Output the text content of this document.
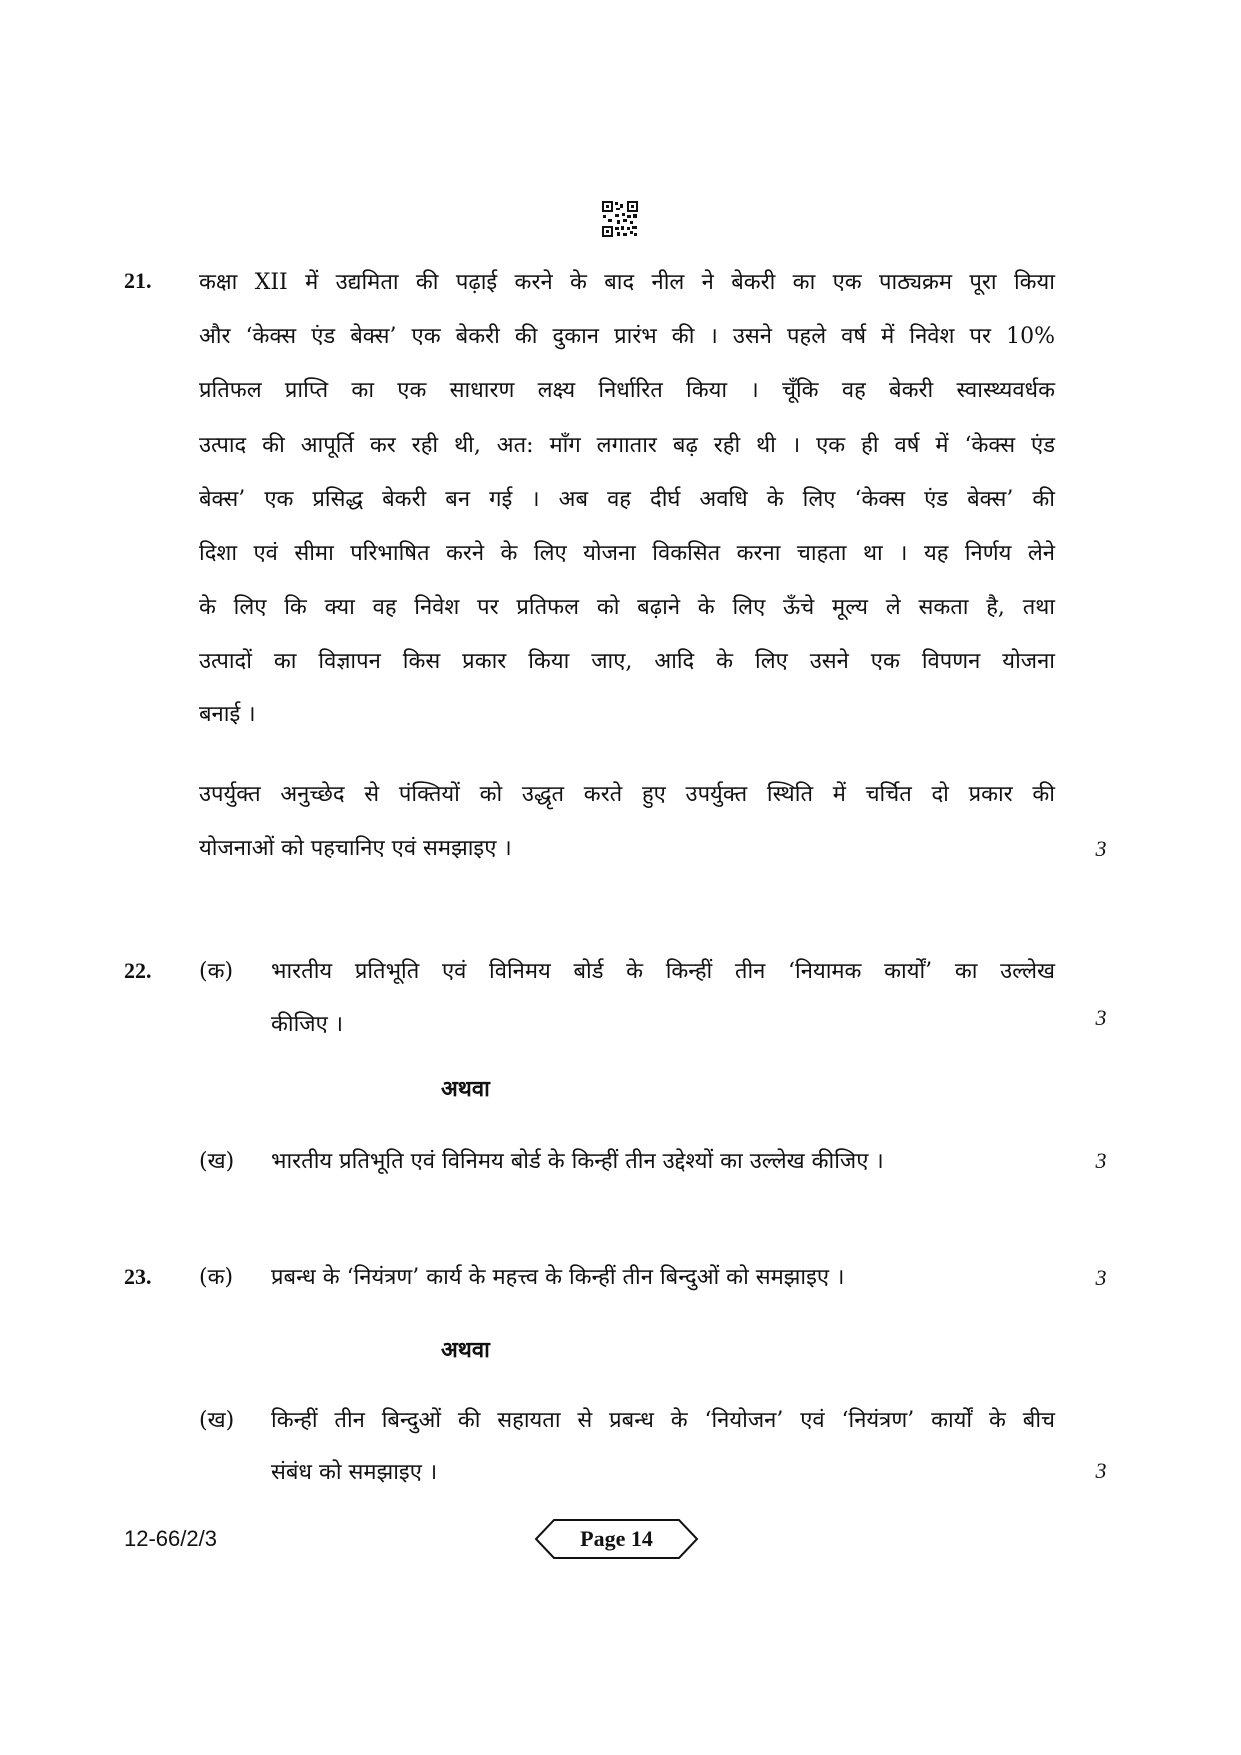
21. कक्षा XII में उद्यमिता की पढ़ाई करने के बाद नील ने बेकरी का एक पाठ्यक्रम पूरा किया
और ‘केक्स एंड बेक्स’ एक बेकरी की दुकान प्रारंभ की । उसने पहले वर्ष में निवेश पर 10%
प्रतिफल प्राप्ति का एक साधारण लक्ष्य निर्धारित किया । चूँकि वह बेकरी स्वास्थ्यवर्धक
उत्पाद की आपूर्ति कर रही थी, अत: माँग लगातार बढ़ रही थी । एक ही वर्ष में ‘केक्स एंड
बेक्स’ एक प्रसिद्ध बेकरी बन गई । अब वह दीर्घ अवधि के लिए ‘केक्स एंड बेक्स’ की
दिशा एवं सीमा परिभाषित करने के लिए योजना विकसित करना चाहता था । यह निर्णय लेने
के लिए कि क्या वह निवेश पर प्रतिफल को बढ़ाने के लिए ऊँचे मूल्य ले सकता है, तथा
उत्पादों का विज्ञापन किस प्रकार किया जाए, आदि के लिए उसने एक विपणन योजना
बनाई ।
उपर्युक्त अनुच्छेद से पंक्तियों को उद्धृत करते हुए उपर्युक्त स्थिति में चर्चित दो प्रकार की
योजनाओं को पहचानिए एवं समझाइए ।	3
22. (क) भारतीय प्रतिभूति एवं विनिमय बोर्ड के किन्हीं तीन ‘नियामक कार्यों’ का उल्लेख
कीजिए ।	3
अथवा
(ख) भारतीय प्रतिभूति एवं विनिमय बोर्ड के किन्हीं तीन उद्देश्यों का उल्लेख कीजिए ।	3
23. (क) प्रबन्ध के ‘नियंत्रण’ कार्य के महत्त्व के किन्हीं तीन बिन्दुओं को समझाइए ।	3
अथवा
(ख) किन्हीं तीन बिन्दुओं की सहायता से प्रबन्ध के ‘नियोजन’ एवं ‘नियंत्रण’ कार्यों के बीच
संबंध को समझाइए ।	3
12-66/2/3	Page 14
